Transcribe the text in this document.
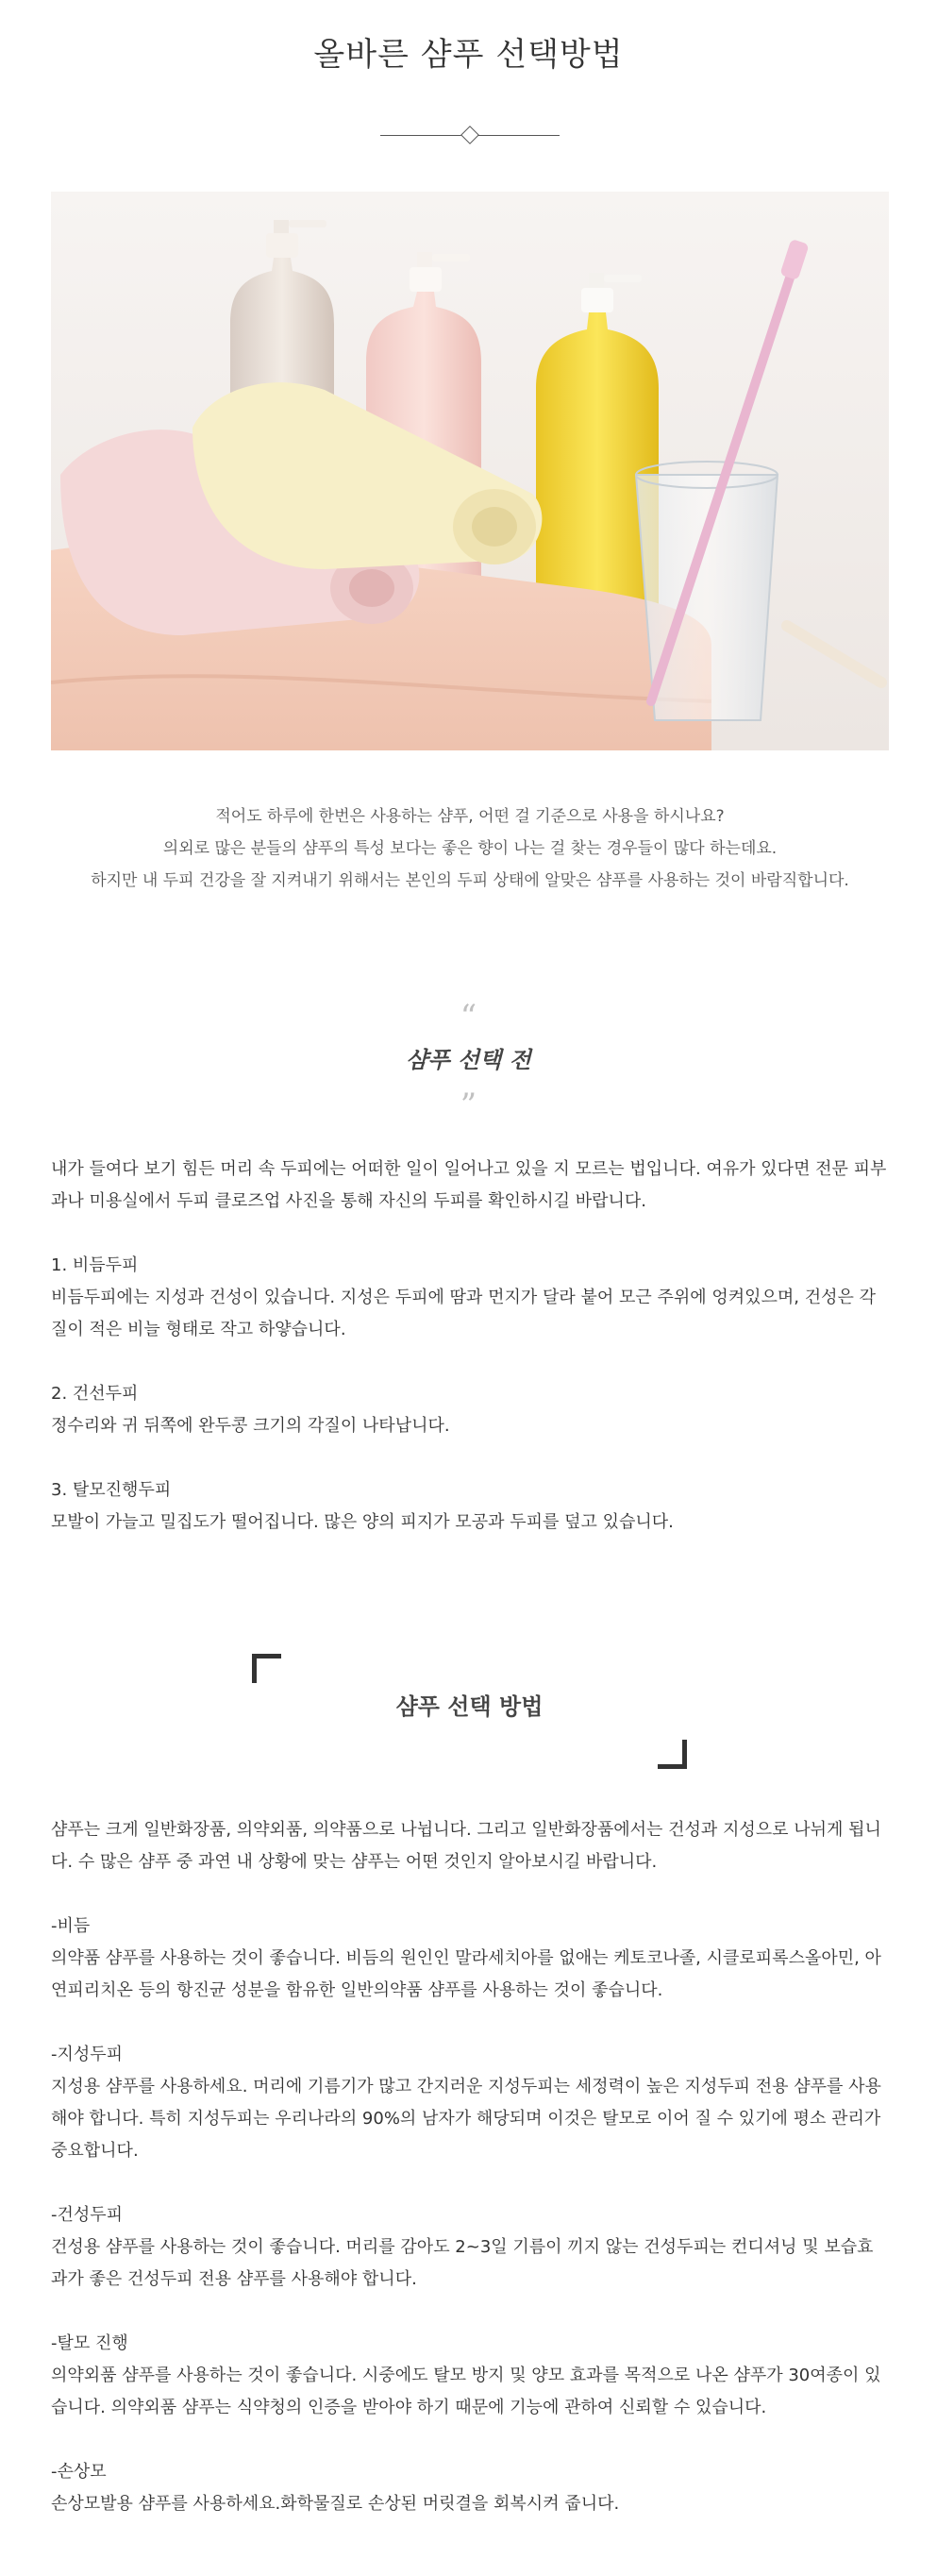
올바른 샴푸 선택방법

적어도 하루에 한번은 사용하는 샴푸, 어떤 걸 기준으로 사용을 하시나요?

의외로 많은 분들의 샴푸의 특성 보다는 좋은 향이 나는 걸 찾는 경우들이 많다 하는데요.

하지만 내 두피 건강을 잘 지켜내기 위해서는 본인의 두피 상태에 알맞은 샴푸를 사용하는 것이 바람직합니다.

“
샴푸 선택 전
”

내가 들여다 보기 힘든 머리 속 두피에는 어떠한 일이 일어나고 있을 지 모르는 법입니다. 여유가 있다면 전문 피부과나 미용실에서 두피 클로즈업 사진을 통해 자신의 두피를 확인하시길 바랍니다.

1. 비듬두피

비듬두피에는 지성과 건성이 있습니다. 지성은 두피에 땀과 먼지가 달라 붙어 모근 주위에 엉켜있으며, 건성은 각질이 적은 비늘 형태로 작고 하얗습니다.

2. 건선두피

정수리와 귀 뒤쪽에 완두콩 크기의 각질이 나타납니다.

3. 탈모진행두피

모발이 가늘고 밀집도가 떨어집니다. 많은 양의 피지가 모공과 두피를 덮고 있습니다.

샴푸 선택 방법

샴푸는 크게 일반화장품, 의약외품, 의약품으로 나뉩니다. 그리고 일반화장품에서는 건성과 지성으로 나뉘게 됩니다. 수 많은 샴푸 중 과연 내 상황에 맞는 샴푸는 어떤 것인지 알아보시길 바랍니다.

-비듬

의약품 샴푸를 사용하는 것이 좋습니다. 비듬의 원인인 말라세치아를 없애는 케토코나졸, 시클로피록스올아민, 아연피리치온 등의 항진균 성분을 함유한 일반의약품 샴푸를 사용하는 것이 좋습니다.

-지성두피

지성용 샴푸를 사용하세요. 머리에 기름기가 많고 간지러운 지성두피는 세정력이 높은 지성두피 전용 샴푸를 사용해야 합니다. 특히 지성두피는 우리나라의 90%의 남자가 해당되며 이것은 탈모로 이어 질 수 있기에 평소 관리가 중요합니다.

-건성두피

건성용 샴푸를 사용하는 것이 좋습니다. 머리를 감아도 2~3일 기름이 끼지 않는 건성두피는 컨디셔닝 및 보습효과가 좋은 건성두피 전용 샴푸를 사용해야 합니다.

-탈모 진행

의약외품 샴푸를 사용하는 것이 좋습니다. 시중에도 탈모 방지 및 양모 효과를 목적으로 나온 샴푸가 30여종이 있습니다. 의약외품 샴푸는 식약청의 인증을 받아야 하기 때문에 기능에 관하여 신뢰할 수 있습니다.

-손상모

손상모발용 샴푸를 사용하세요.화학물질로 손상된 머릿결을 회복시켜 줍니다.
